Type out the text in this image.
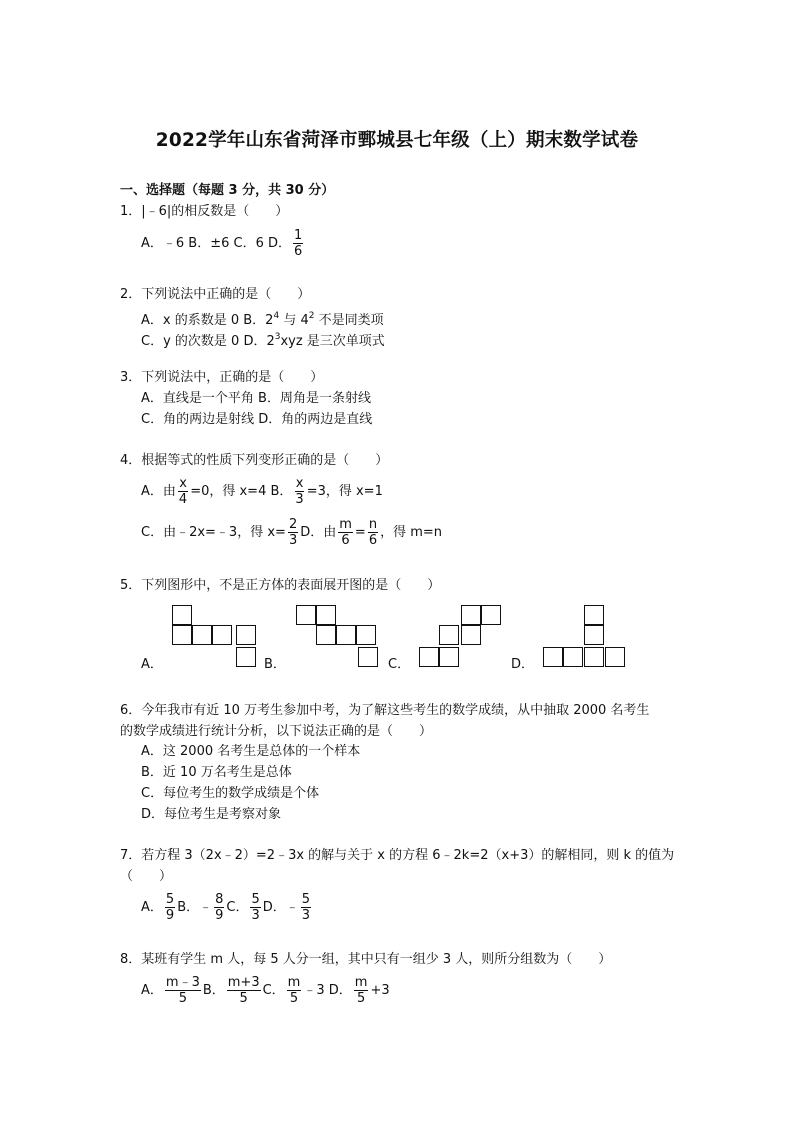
2022学年山东省菏泽市鄄城县七年级（上）期末数学试卷
一、选择题（每题 3 分，共 30 分）
1．|﹣6|的相反数是（　　）
A．﹣6 B．±6 C．6 D． $\frac{1}{6}$
2．下列说法中正确的是（　　）
A．x 的系数是 0 B．$2^4$ 与 $4^2$ 不是同类项
C．y 的次数是 0 D．$2^3xyz$ 是三次单项式
3．下列说法中，正确的是（　　）
A．直线是一个平角 B．周角是一条射线
C．角的两边是射线 D．角的两边是直线
4．根据等式的性质下列变形正确的是（　　）
A．由 $\frac{x}{4} =0$，得 x=4 B． $\frac{x}{3} =3$，得 x=1
C．由﹣2x=﹣3，得 $x= \frac{2}{3}$ D．由 $\frac{m}{6} = \frac{n}{6}$ ，得 m=n
5．下列图形中，不是正方体的表面展开图的是（　　）
A．	B．	C．	D．
6．今年我市有近 10 万考生参加中考，为了解这些考生的数学成绩，从中抽取 2000 名考生
的数学成绩进行统计分析，以下说法正确的是（　　）
A．这 2000 名考生是总体的一个样本
B．近 10 万名考生是总体
C．每位考生的数学成绩是个体
D．每位考生是考察对象
7．若方程 3（2x﹣2）=2﹣3x 的解与关于 x 的方程 6﹣2k=2（x+3）的解相同，则 k 的值为
（　　）
A． $\frac{5}{9}$ B．﹣ $\frac{8}{9}$ C． $\frac{5}{3}$ D．﹣ $\frac{5}{3}$
8．某班有学生 m 人，每 5 人分一组，其中只有一组少 3 人，则所分组数为（　　）
A． $\frac{m﹣3}{5}$ B． $\frac{m+3}{5}$ C． $\frac{m}{5}$ ﹣3 D． $\frac{m}{5} +3$
